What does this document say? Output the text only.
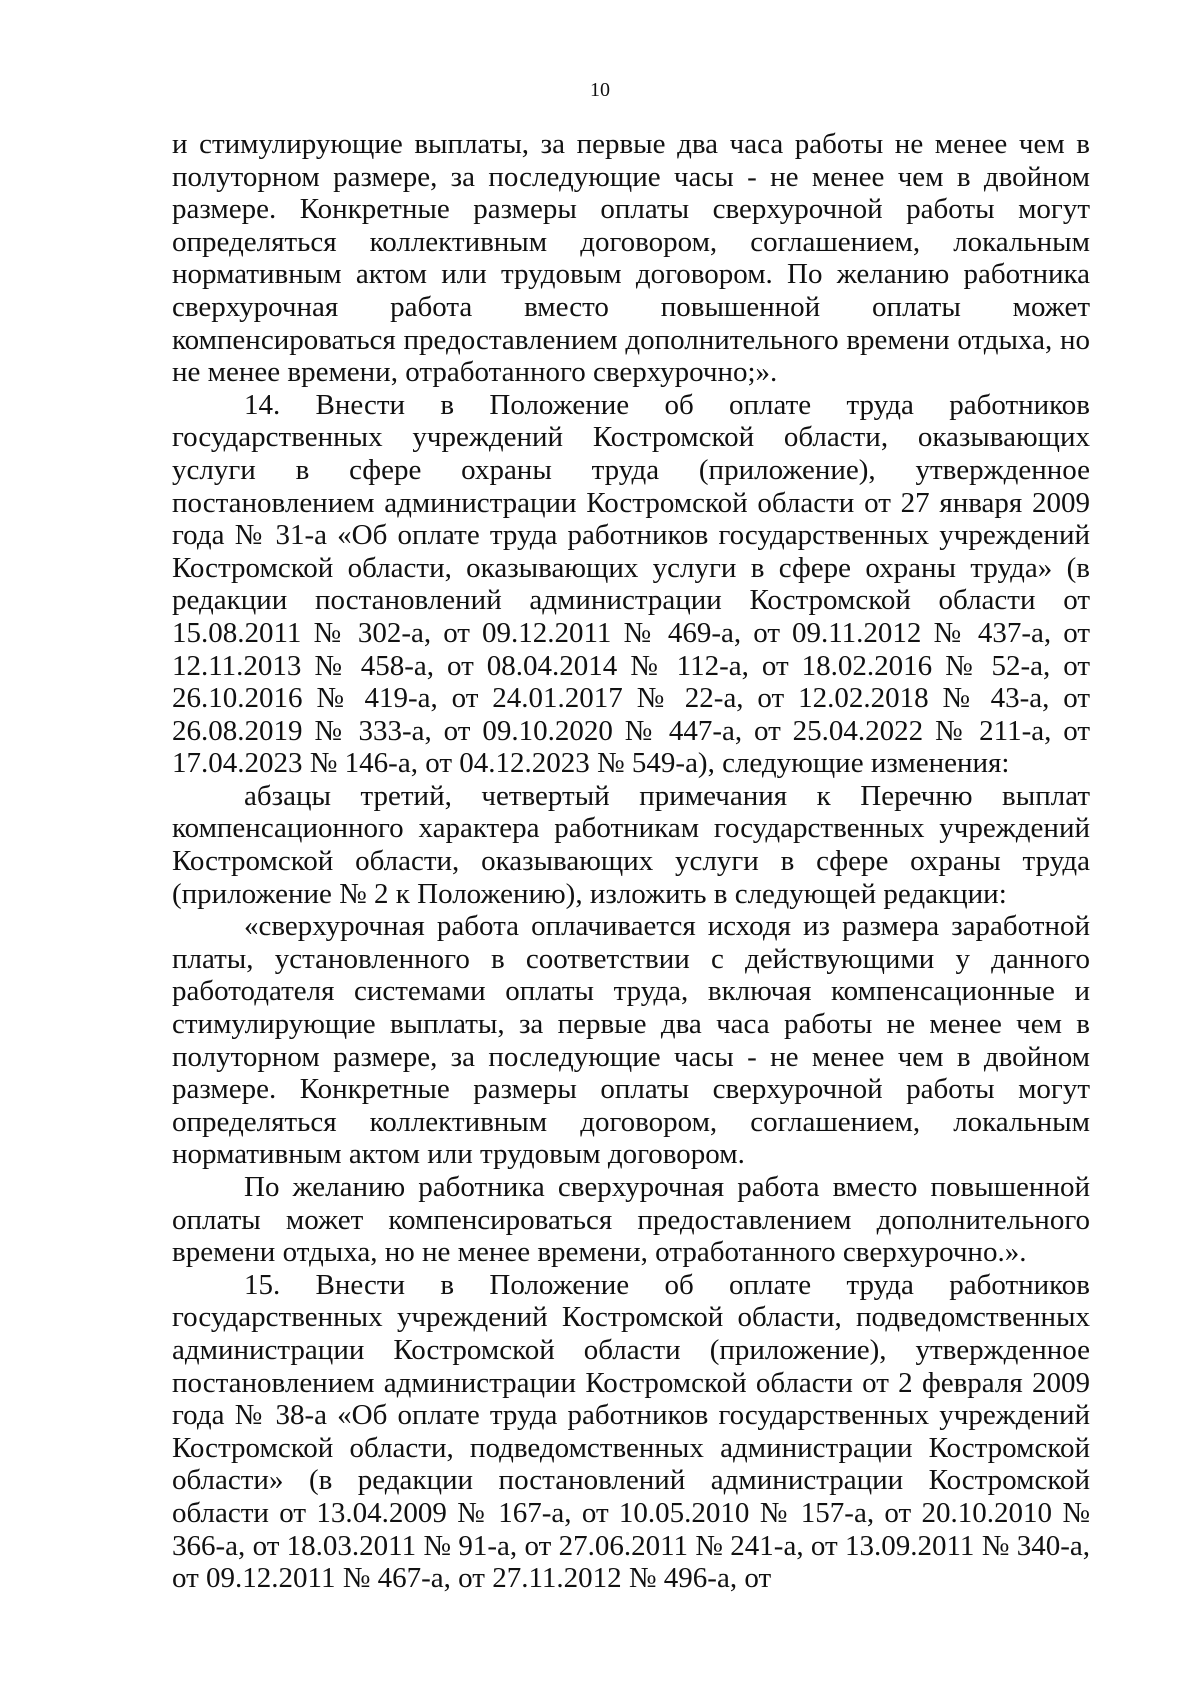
10

и стимулирующие выплаты, за первые два часа работы не менее чем в полуторном размере, за последующие часы - не менее чем в двойном размере. Конкретные размеры оплаты сверхурочной работы могут определяться коллективным договором, соглашением, локальным нормативным актом или трудовым договором. По желанию работника сверхурочная работа вместо повышенной оплаты может компенсироваться предоставлением дополнительного времени отдыха, но не менее времени, отработанного сверхурочно;».

14. Внести в Положение об оплате труда работников государственных учреждений Костромской области, оказывающих услуги в сфере охраны труда (приложение), утвержденное постановлением администрации Костромской области от 27 января 2009 года № 31-а «Об оплате труда работников государственных учреждений Костромской области, оказывающих услуги в сфере охраны труда» (в редакции постановлений администрации Костромской области от 15.08.2011 № 302-а, от 09.12.2011 № 469-а, от 09.11.2012 № 437-а, от 12.11.2013 № 458-а, от 08.04.2014 № 112-а, от 18.02.2016 № 52-а, от 26.10.2016 № 419-а, от 24.01.2017 № 22-а, от 12.02.2018 № 43-а, от 26.08.2019 № 333-а, от 09.10.2020 № 447-а, от 25.04.2022 № 211-а, от 17.04.2023 № 146-а, от 04.12.2023 № 549-а), следующие изменения:

абзацы третий, четвертый примечания к Перечню выплат компенсационного характера работникам государственных учреждений Костромской области, оказывающих услуги в сфере охраны труда (приложение № 2 к Положению), изложить в следующей редакции:

«сверхурочная работа оплачивается исходя из размера заработной платы, установленного в соответствии с действующими у данного работодателя системами оплаты труда, включая компенсационные и стимулирующие выплаты, за первые два часа работы не менее чем в полуторном размере, за последующие часы - не менее чем в двойном размере. Конкретные размеры оплаты сверхурочной работы могут определяться коллективным договором, соглашением, локальным нормативным актом или трудовым договором.

По желанию работника сверхурочная работа вместо повышенной оплаты может компенсироваться предоставлением дополнительного времени отдыха, но не менее времени, отработанного сверхурочно.».

15. Внести в Положение об оплате труда работников государственных учреждений Костромской области, подведомственных администрации Костромской области (приложение), утвержденное постановлением администрации Костромской области от 2 февраля 2009 года № 38-а «Об оплате труда работников государственных учреждений Костромской области, подведомственных администрации Костромской области» (в редакции постановлений администрации Костромской области от 13.04.2009 № 167-а, от 10.05.2010 № 157-а, от 20.10.2010 № 366-а, от 18.03.2011 № 91-а, от 27.06.2011 № 241-а, от 13.09.2011 № 340-а, от 09.12.2011 № 467-а, от 27.11.2012 № 496-а, от
